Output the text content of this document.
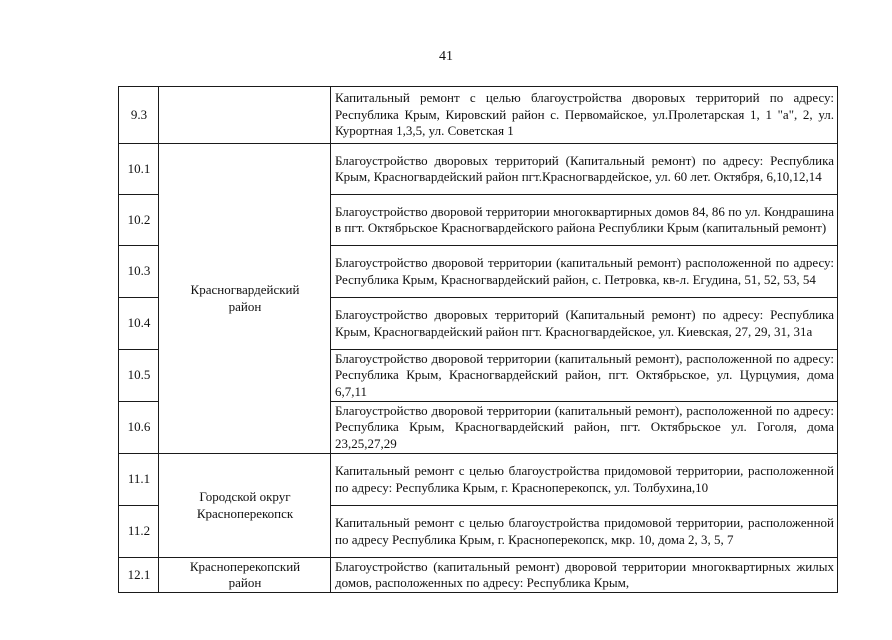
41
9.3		Капитальный ремонт с целью благоустройства дворовых территорий по адресу: Республика Крым, Кировский район с. Первомайское, ул.Пролетарская 1, 1 "а", 2, ул. Курортная 1,3,5, ул. Советская 1
10.1	Красногвардейский район	Благоустройство дворовых территорий (Капитальный ремонт) по адресу: Республика Крым, Красногвардейский район пгт.Красногвардейское, ул. 60 лет. Октября, 6,10,12,14
10.2		Благоустройство дворовой территории многоквартирных домов 84, 86 по ул. Кондрашина в пгт. Октябрьское Красногвардейского района Республики Крым (капитальный ремонт)
10.3		Благоустройство дворовой территории (капитальный ремонт) расположенной по адресу: Республика Крым, Красногвардейский район, с. Петровка, кв-л. Егудина, 51, 52, 53, 54
10.4		Благоустройство дворовых территорий (Капитальный ремонт) по адресу: Республика Крым, Красногвардейский район пгт. Красногвардейское, ул. Киевская, 27, 29, 31, 31а
10.5		Благоустройство дворовой территории (капитальный ремонт), расположенной по адресу: Республика Крым, Красногвардейский район, пгт. Октябрьское, ул. Цурцумия, дома 6,7,11
10.6		Благоустройство дворовой территории (капитальный ремонт), расположенной по адресу: Республика Крым, Красногвардейский район, пгт. Октябрьское ул. Гоголя, дома 23,25,27,29
11.1	Городской округ Красноперекопск	Капитальный ремонт с целью благоустройства придомовой территории, расположенной по адресу: Республика Крым, г. Красноперекопск, ул. Толбухина,10
11.2		Капитальный ремонт с целью благоустройства придомовой территории, расположенной по адресу Республика Крым, г. Красноперекопск, мкр. 10, дома 2, 3, 5, 7
12.1	Красноперекопский район	Благоустройство (капитальный ремонт) дворовой территории многоквартирных жилых домов, расположенных по адресу: Республика Крым,
